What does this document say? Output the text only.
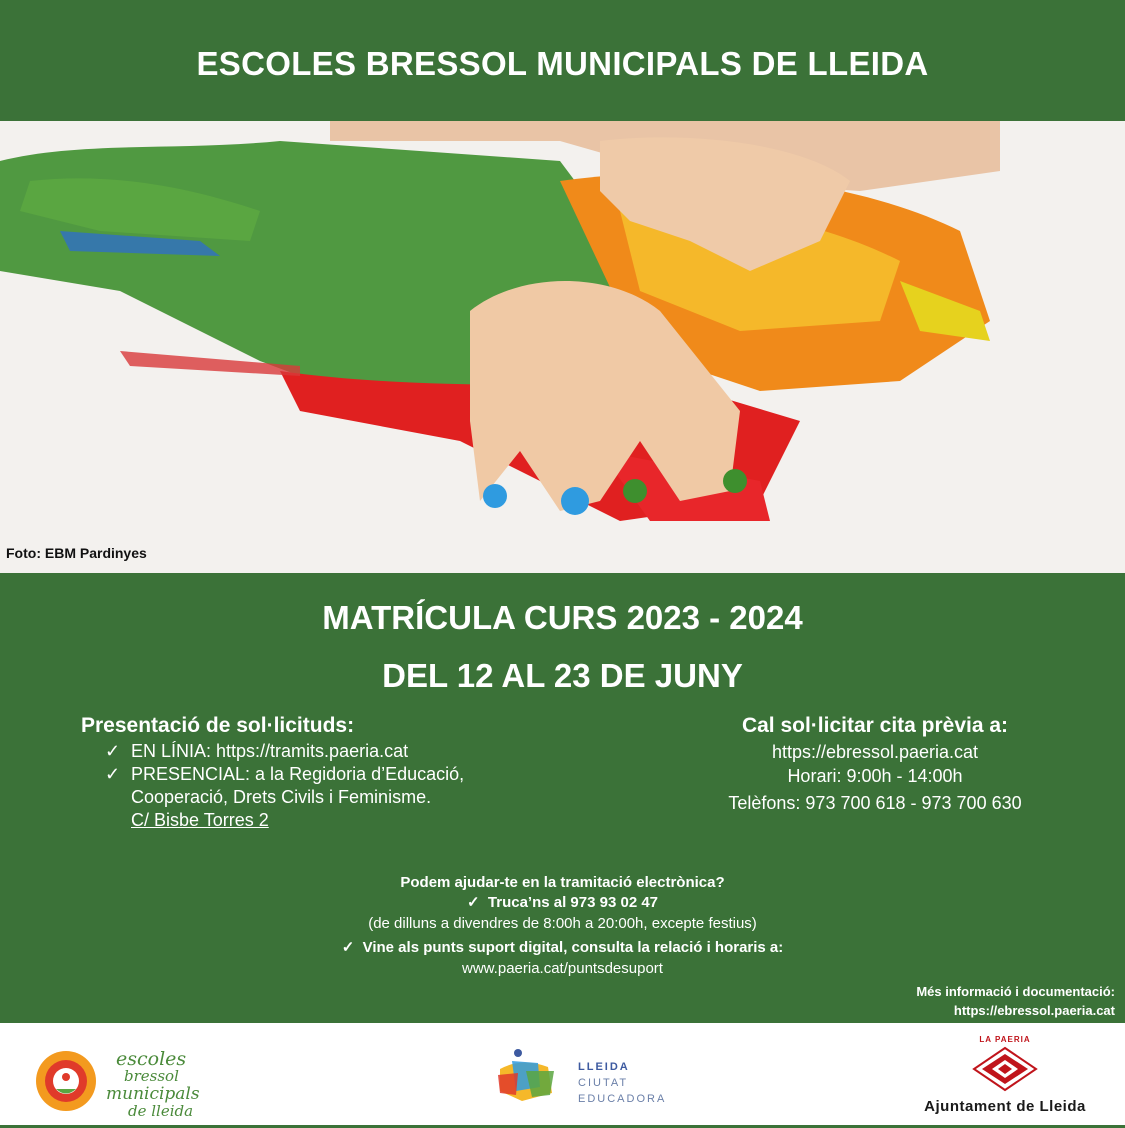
ESCOLES BRESSOL MUNICIPALS DE LLEIDA
Foto: EBM Pardinyes
MATRÍCULA CURS 2023 - 2024
DEL 12 AL 23 DE JUNY
Presentació de sol·licituds:
✓ EN LÍNIA: https://tramits.paeria.cat
✓ PRESENCIAL: a la Regidoria d’Educació,
Cooperació, Drets Civils i Feminisme.
C/ Bisbe Torres 2
Cal sol·licitar cita prèvia a:
https://ebressol.paeria.cat
Horari: 9:00h - 14:00h
Telèfons: 973 700 618 - 973 700 630
Podem ajudar-te en la tramitació electrònica?
✓  Truca’ns al 973 93 02 47
(de dilluns a divendres de 8:00h a 20:00h, excepte festius)
✓  Vine als punts suport digital, consulta la relació i horaris a:
www.paeria.cat/puntsdesuport
Més informació i documentació:
https://ebressol.paeria.cat
escoles
bressol
municipals
de lleida
LLEIDA
CIUTAT
EDUCADORA
LA PAERIA
Ajuntament de Lleida
